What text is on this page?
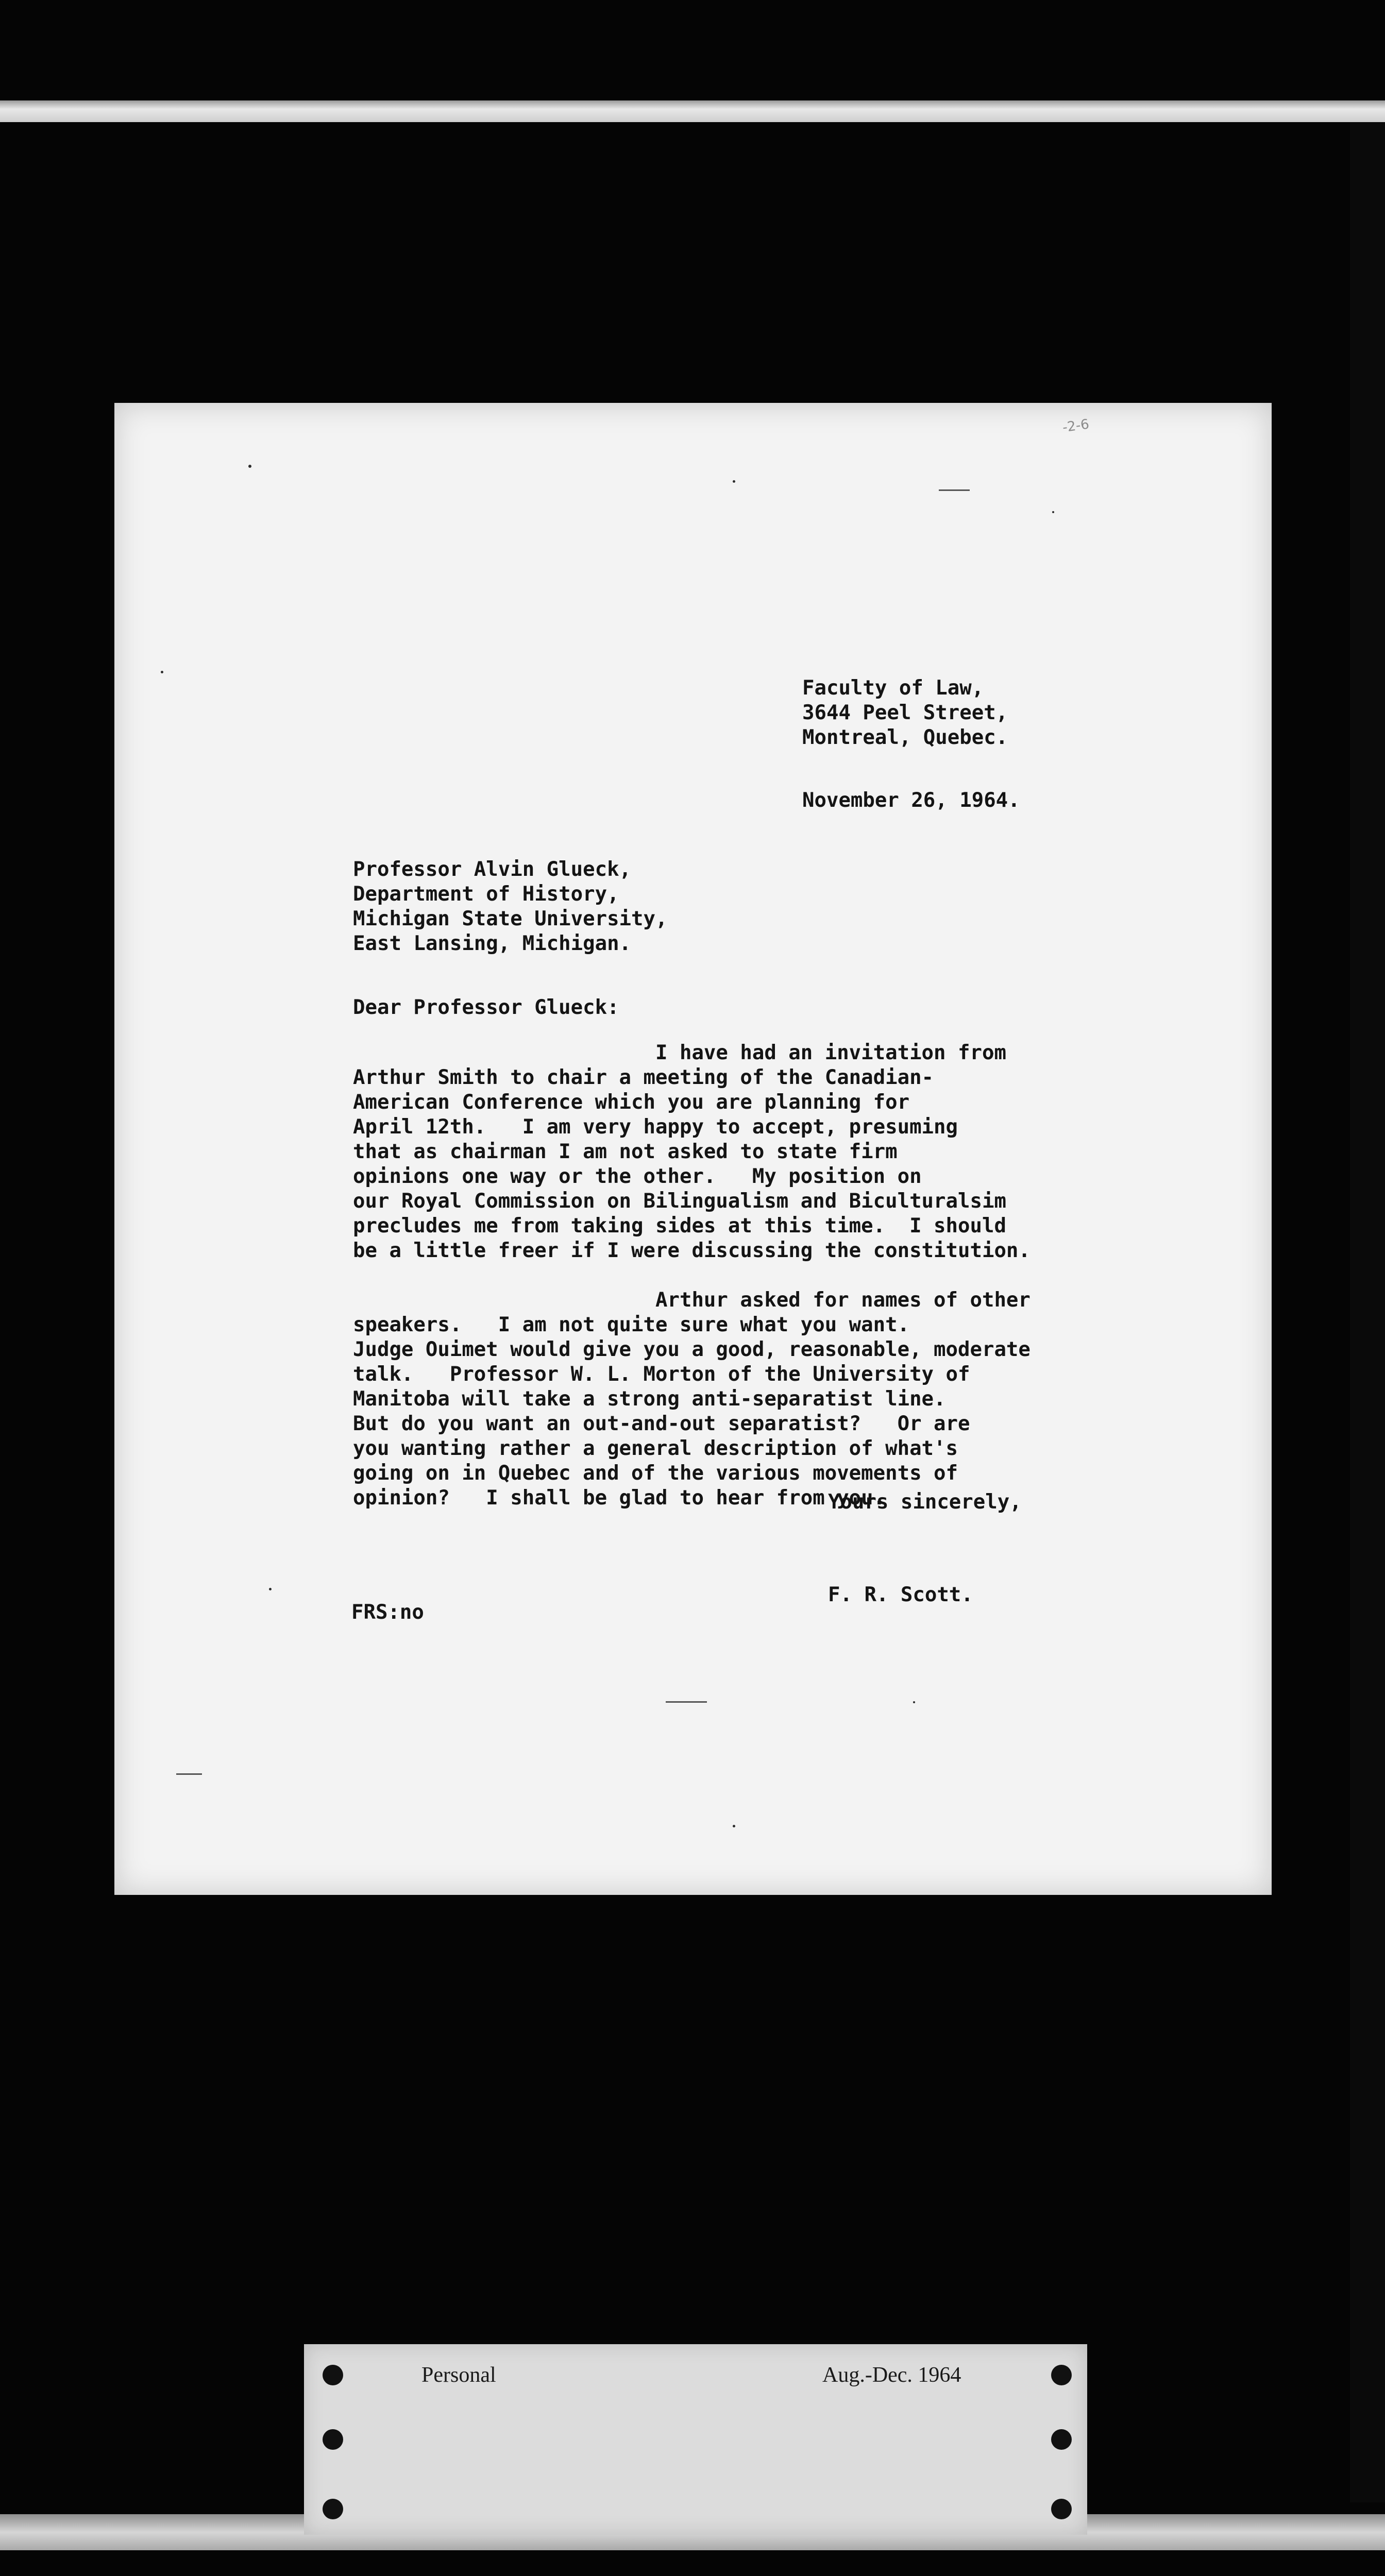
-2-6

Faculty of Law,

3644 Peel Street,

Montreal, Quebec.

November 26, 1964.

Professor Alvin Glueck,

Department of History,

Michigan State University,

East Lansing, Michigan.

Dear Professor Glueck:

I have had an invitation from

Arthur Smith to chair a meeting of the Canadian-

American Conference which you are planning for

April 12th.   I am very happy to accept, presuming

that as chairman I am not asked to state firm

opinions one way or the other.   My position on

our Royal Commission on Bilingualism and Biculturalsim

precludes me from taking sides at this time.  I should

be a little freer if I were discussing the constitution.

Arthur asked for names of other

speakers.   I am not quite sure what you want.

Judge Ouimet would give you a good, reasonable, moderate

talk.   Professor W. L. Morton of the University of

Manitoba will take a strong anti-separatist line.

But do you want an out-and-out separatist?   Or are

you wanting rather a general description of what's

going on in Quebec and of the various movements of

opinion?   I shall be glad to hear from you.

Yours sincerely,

F. R. Scott.

FRS:no

Personal	Aug.-Dec. 1964
